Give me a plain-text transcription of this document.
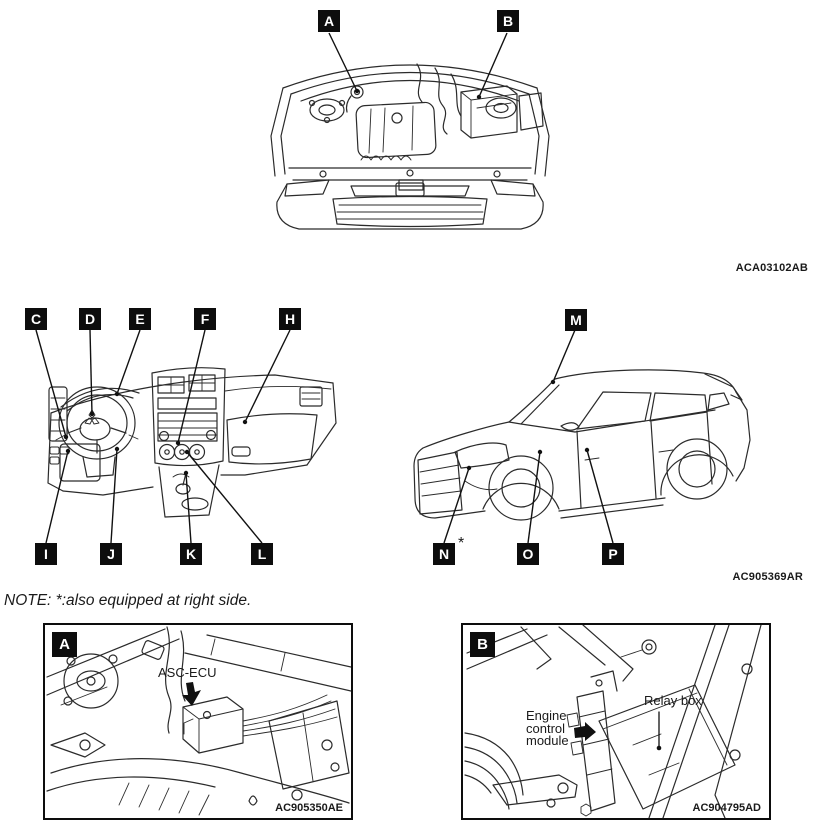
A	B
C	D	E	F	H
I	J	K	L
M
N	O	P
*
ACA03102AB
AC905369AR
NOTE: *:also equipped at right side.
A
ASC-ECU
AC905350AE
B
Engine
control
module
Relay box
AC904795AD
